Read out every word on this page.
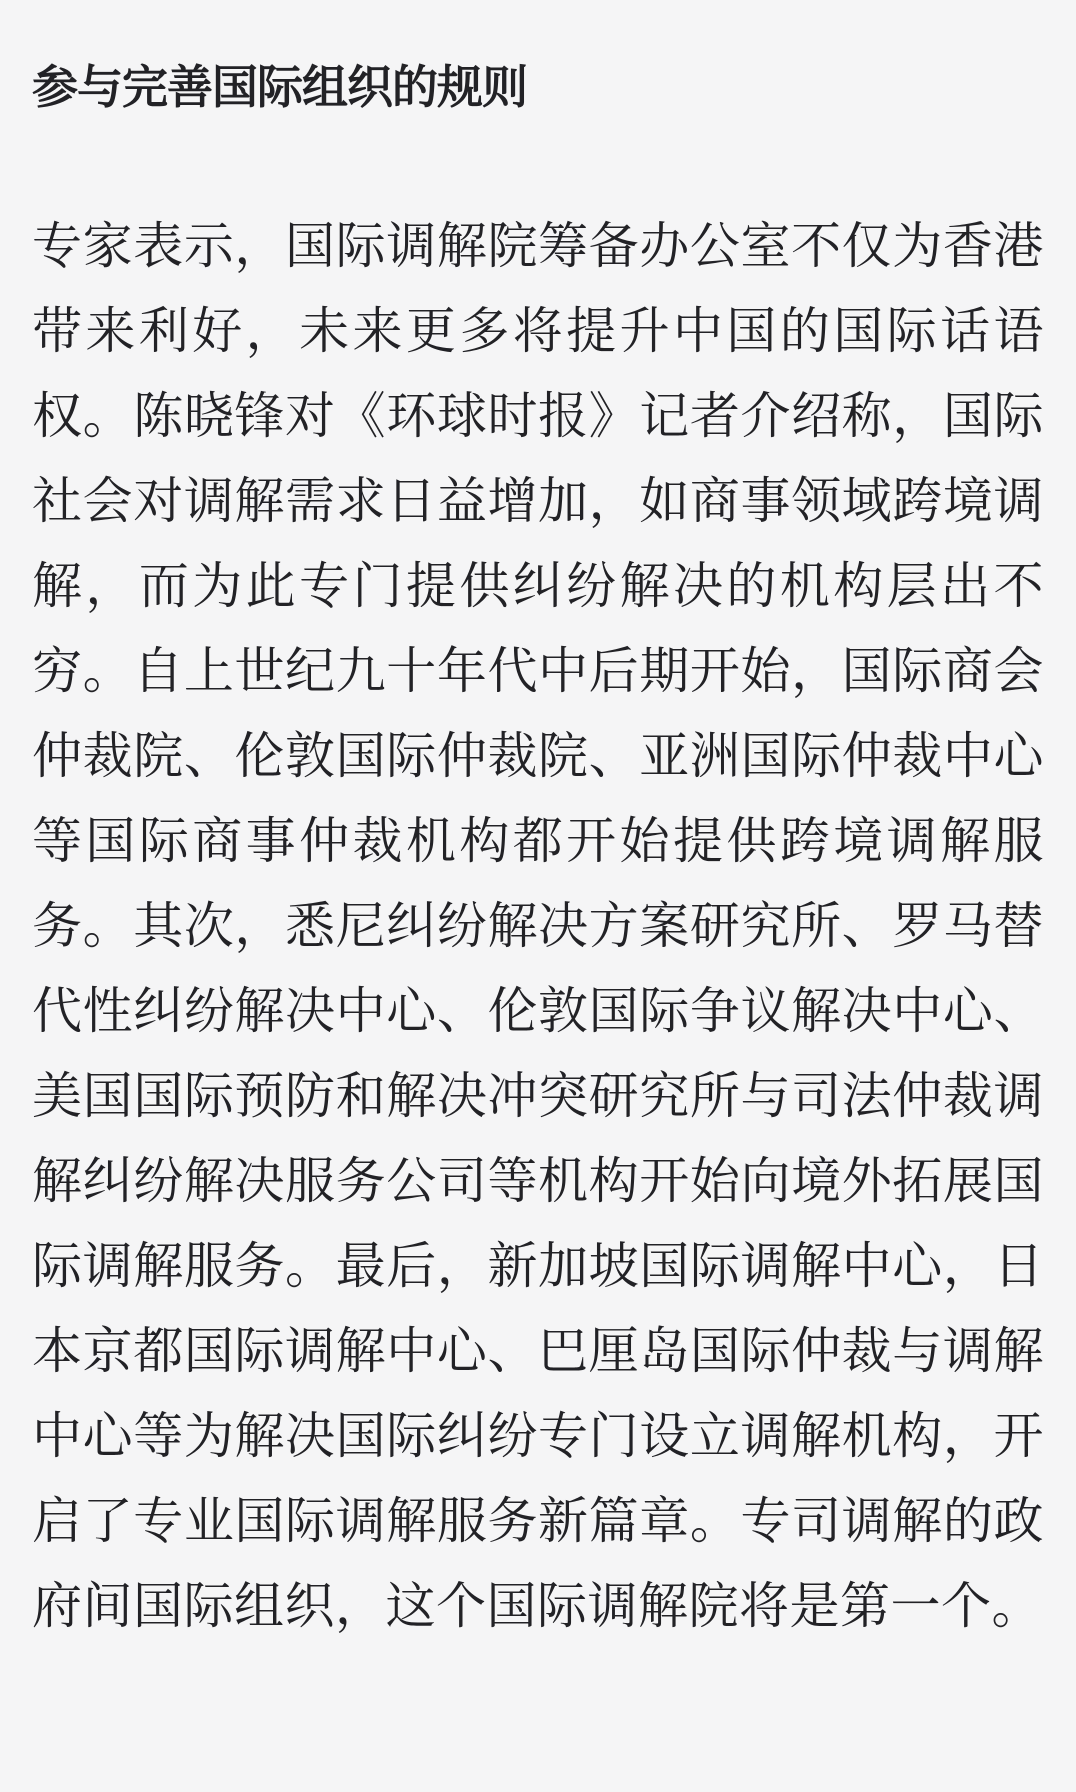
参与完善国际组织的规则

专家表示，国际调解院筹备办公室不仅为香港带来利好，未来更多将提升中国的国际话语权。陈晓锋对《环球时报》记者介绍称，国际社会对调解需求日益增加，如商事领域跨境调解，而为此专门提供纠纷解决的机构层出不穷。自上世纪九十年代中后期开始，国际商会仲裁院、伦敦国际仲裁院、亚洲国际仲裁中心等国际商事仲裁机构都开始提供跨境调解服务。其次，悉尼纠纷解决方案研究所、罗马替代性纠纷解决中心、伦敦国际争议解决中心、美国国际预防和解决冲突研究所与司法仲裁调解纠纷解决服务公司等机构开始向境外拓展国际调解服务。最后，新加坡国际调解中心，日本京都国际调解中心、巴厘岛国际仲裁与调解中心等为解决国际纠纷专门设立调解机构，开启了专业国际调解服务新篇章。专司调解的政府间国际组织，这个国际调解院将是第一个。
